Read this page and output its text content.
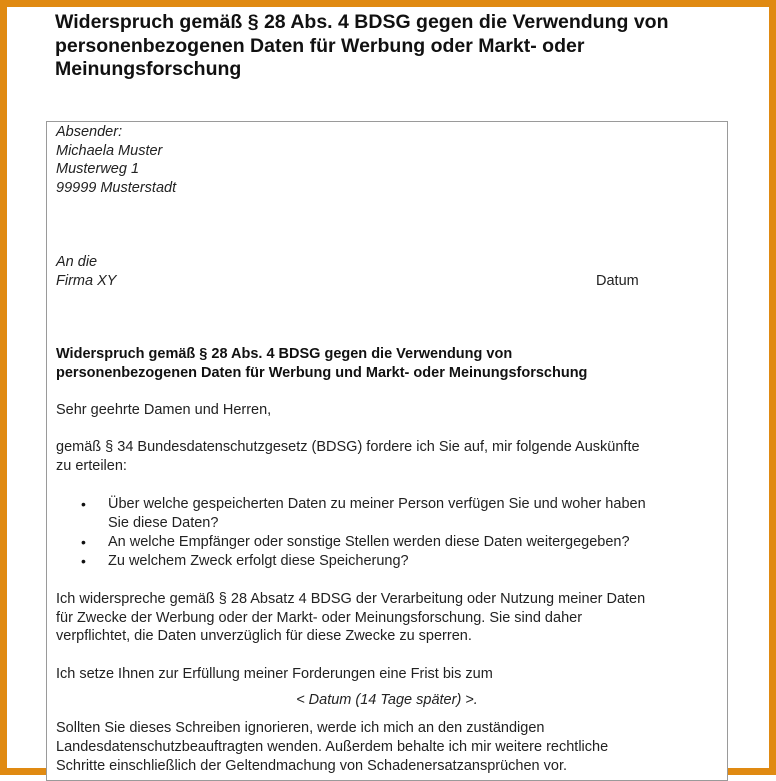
Widerspruch gemäß § 28 Abs. 4 BDSG gegen die Verwendung von
personenbezogenen Daten für Werbung oder Markt- oder
Meinungsforschung
Absender:
Michaela Muster
Musterweg 1
99999 Musterstadt
An die
Firma XY	Datum
Widerspruch gemäß § 28 Abs. 4 BDSG gegen die Verwendung von
personenbezogenen Daten für Werbung und Markt- oder Meinungsforschung
Sehr geehrte Damen und Herren,
gemäß § 34 Bundesdatenschutzgesetz (BDSG) fordere ich Sie auf, mir folgende Auskünfte
zu erteilen:
• Über welche gespeicherten Daten zu meiner Person verfügen Sie und woher haben
Sie diese Daten?
• An welche Empfänger oder sonstige Stellen werden diese Daten weitergegeben?
• Zu welchem Zweck erfolgt diese Speicherung?
Ich widerspreche gemäß § 28 Absatz 4 BDSG der Verarbeitung oder Nutzung meiner Daten
für Zwecke der Werbung oder der Markt- oder Meinungsforschung. Sie sind daher
verpflichtet, die Daten unverzüglich für diese Zwecke zu sperren.
Ich setze Ihnen zur Erfüllung meiner Forderungen eine Frist bis zum
< Datum (14 Tage später) >.
Sollten Sie dieses Schreiben ignorieren, werde ich mich an den zuständigen
Landesdatenschutzbeauftragten wenden. Außerdem behalte ich mir weitere rechtliche
Schritte einschließlich der Geltendmachung von Schadenersatzansprüchen vor.
